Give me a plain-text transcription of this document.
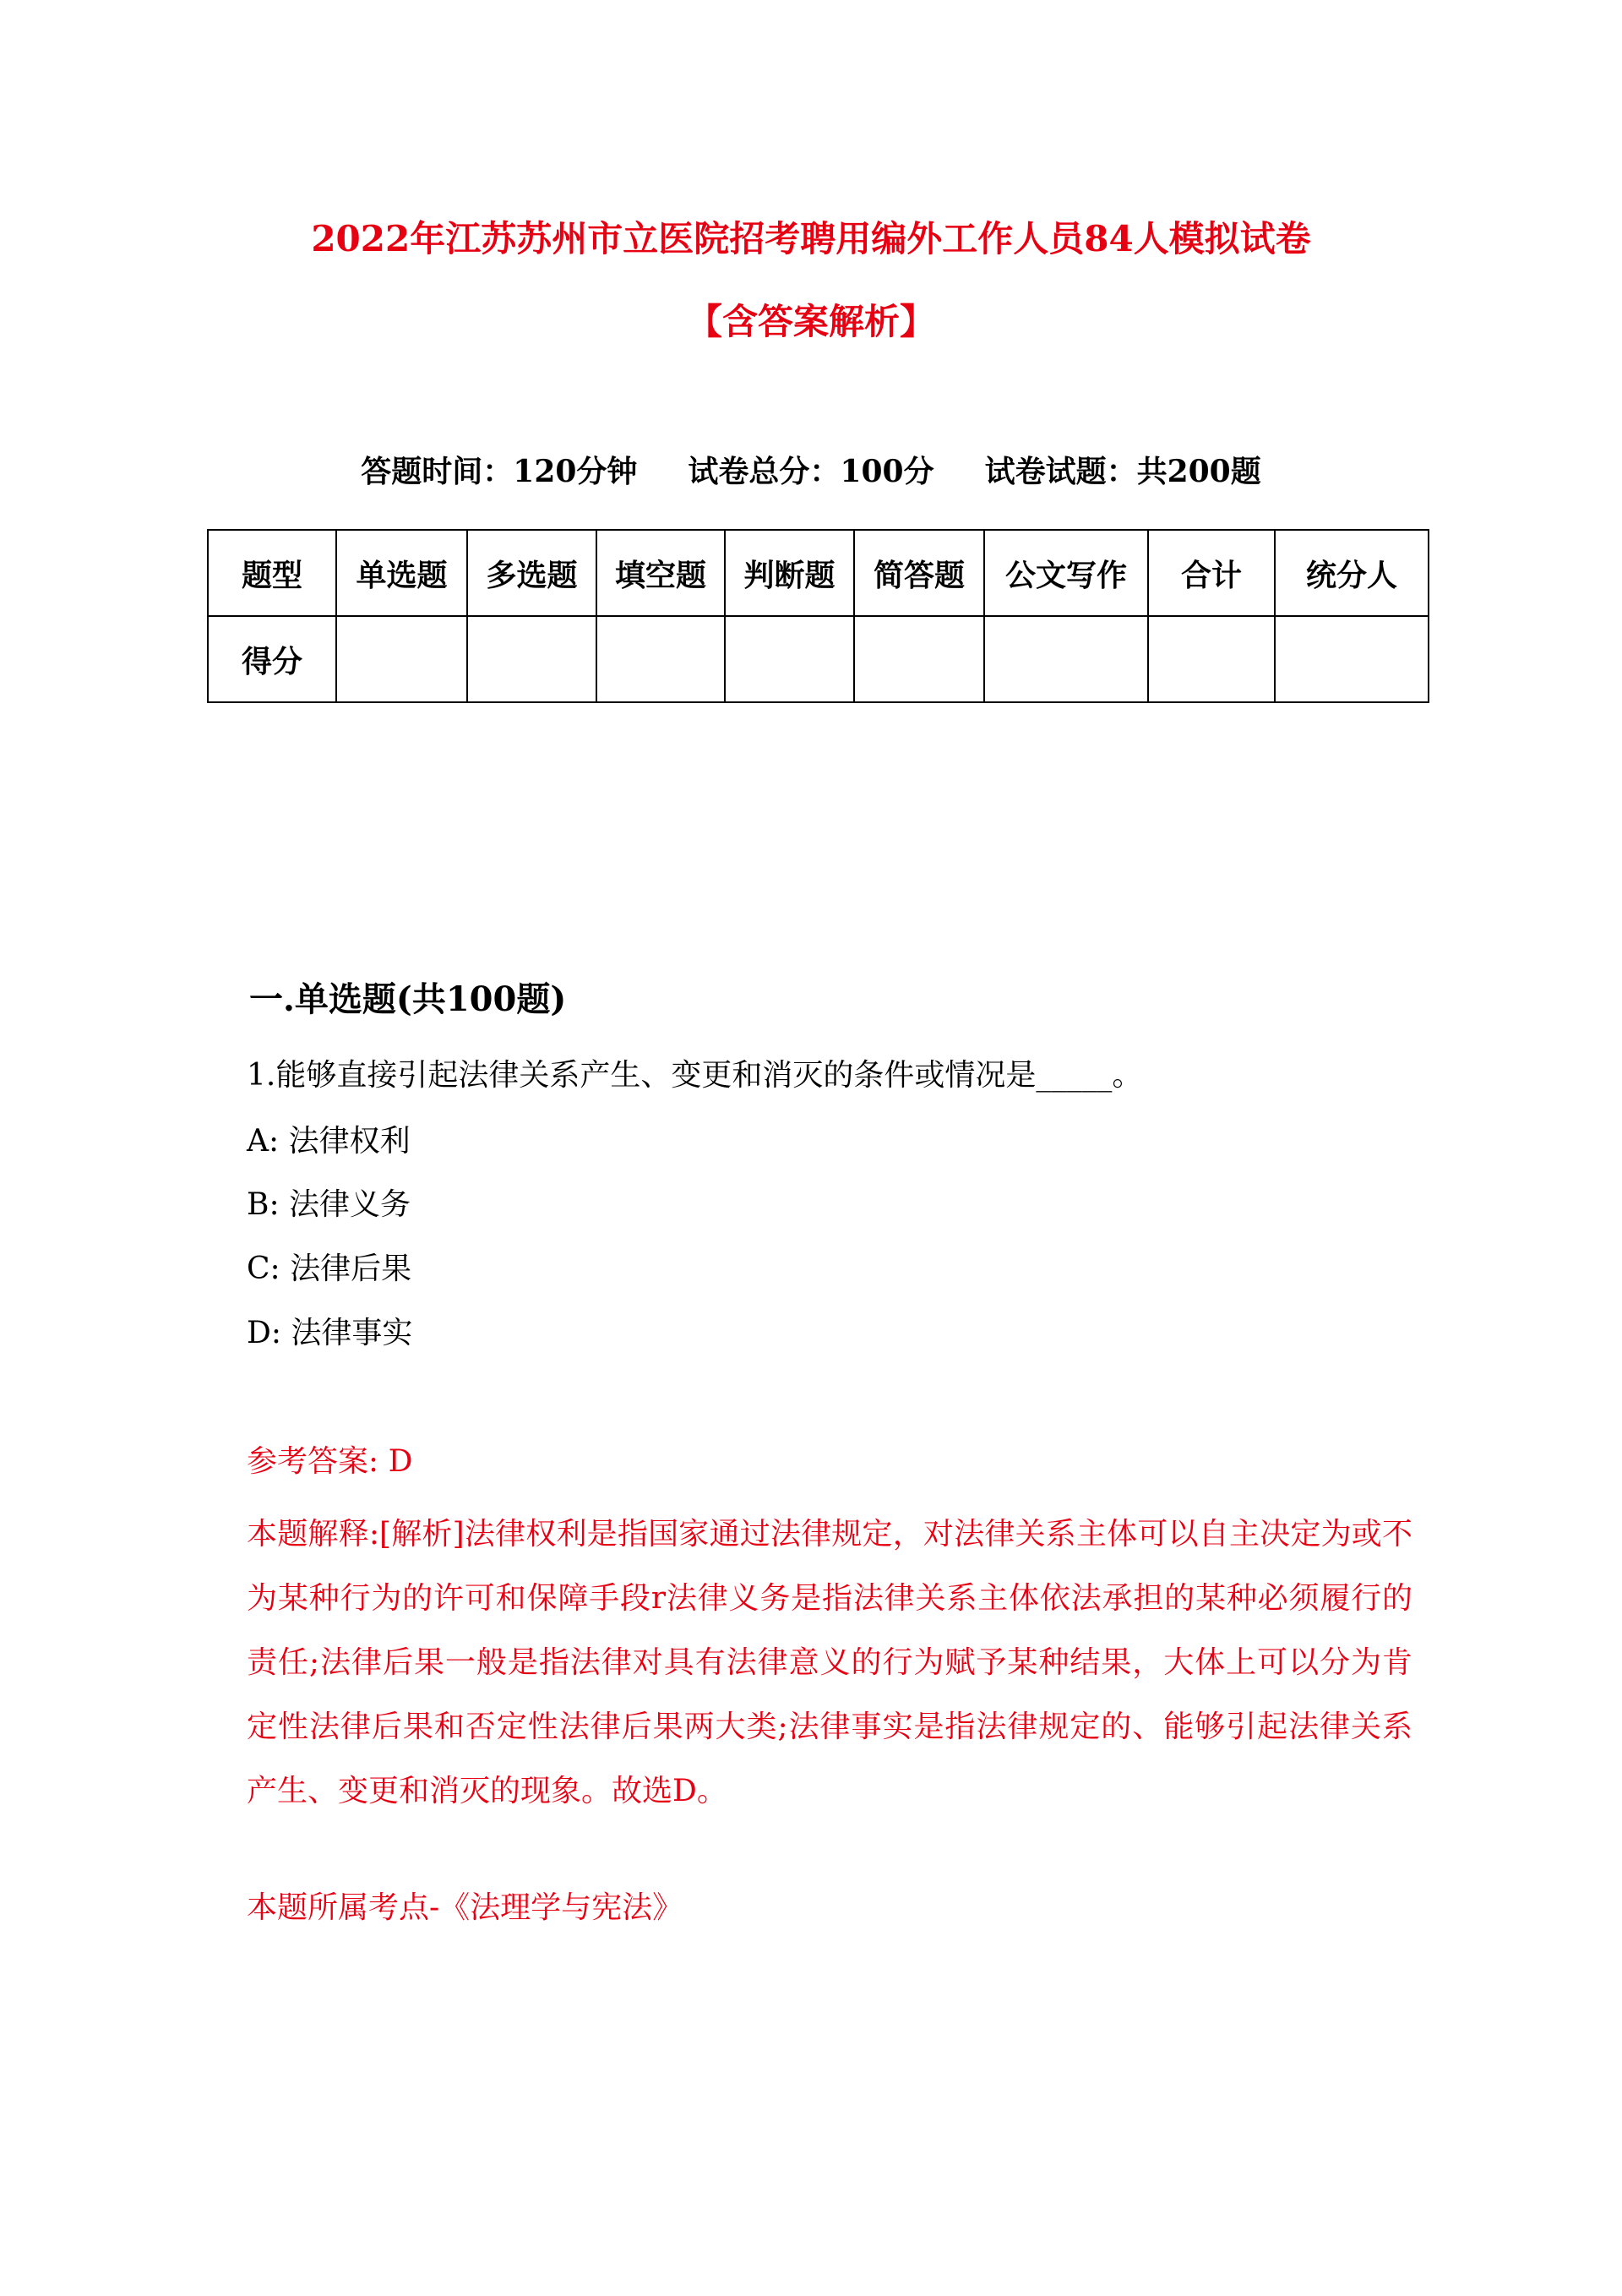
2022年江苏苏州市立医院招考聘用编外工作人员84人模拟试卷
【含答案解析】
答题时间：120分钟 试卷总分：100分 试卷试题：共200题
题型	单选题	多选题	填空题	判断题	简答题	公文写作	合计	统分人
得分								
一.单选题(共100题)
1.能够直接引起法律关系产生、变更和消灭的条件或情况是_____。
A: 法律权利
B: 法律义务
C: 法律后果
D: 法律事实
参考答案: D
本题解释:[解析]法律权利是指国家通过法律规定，对法律关系主体可以自主决定为或不为某种行为的许可和保障手段r法律义务是指法律关系主体依法承担的某种必须履行的责任;法律后果一般是指法律对具有法律意义的行为赋予某种结果，大体上可以分为肯定性法律后果和否定性法律后果两大类;法律事实是指法律规定的、能够引起法律关系产生、变更和消灭的现象。故选D。
本题所属考点-《法理学与宪法》
